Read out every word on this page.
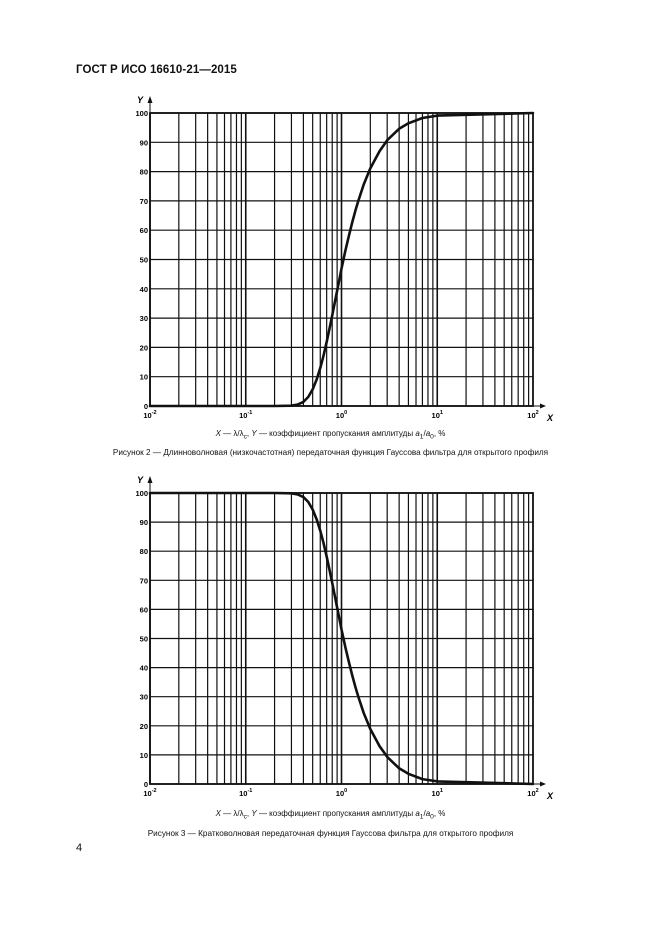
ГОСТ Р ИСО 16610-21—2015
Y
X
0
10
20
30
40
50
60
70
80
90
100
$10^{-2}$	$10^{-1}$	$10^0$	$10^1$	$10^2$
X — $\lambda/\lambda_c$, Y — коэффициент пропускания амплитуды $a_1/a_0$, %
Рисунок 2 — Длинноволновая (низкочастотная) передаточная функция Гауссова фильтра для открытого профиля
Y
X
0
10
20
30
40
50
60
70
80
90
100
$10^{-2}$	$10^{-1}$	$10^0$	$10^1$	$10^2$
X — $\lambda/\lambda_c$, Y — коэффициент пропускания амплитуды $a_1/a_0$, %
Рисунок 3 — Кратковолновая передаточная функция Гауссова фильтра для открытого профиля
4
